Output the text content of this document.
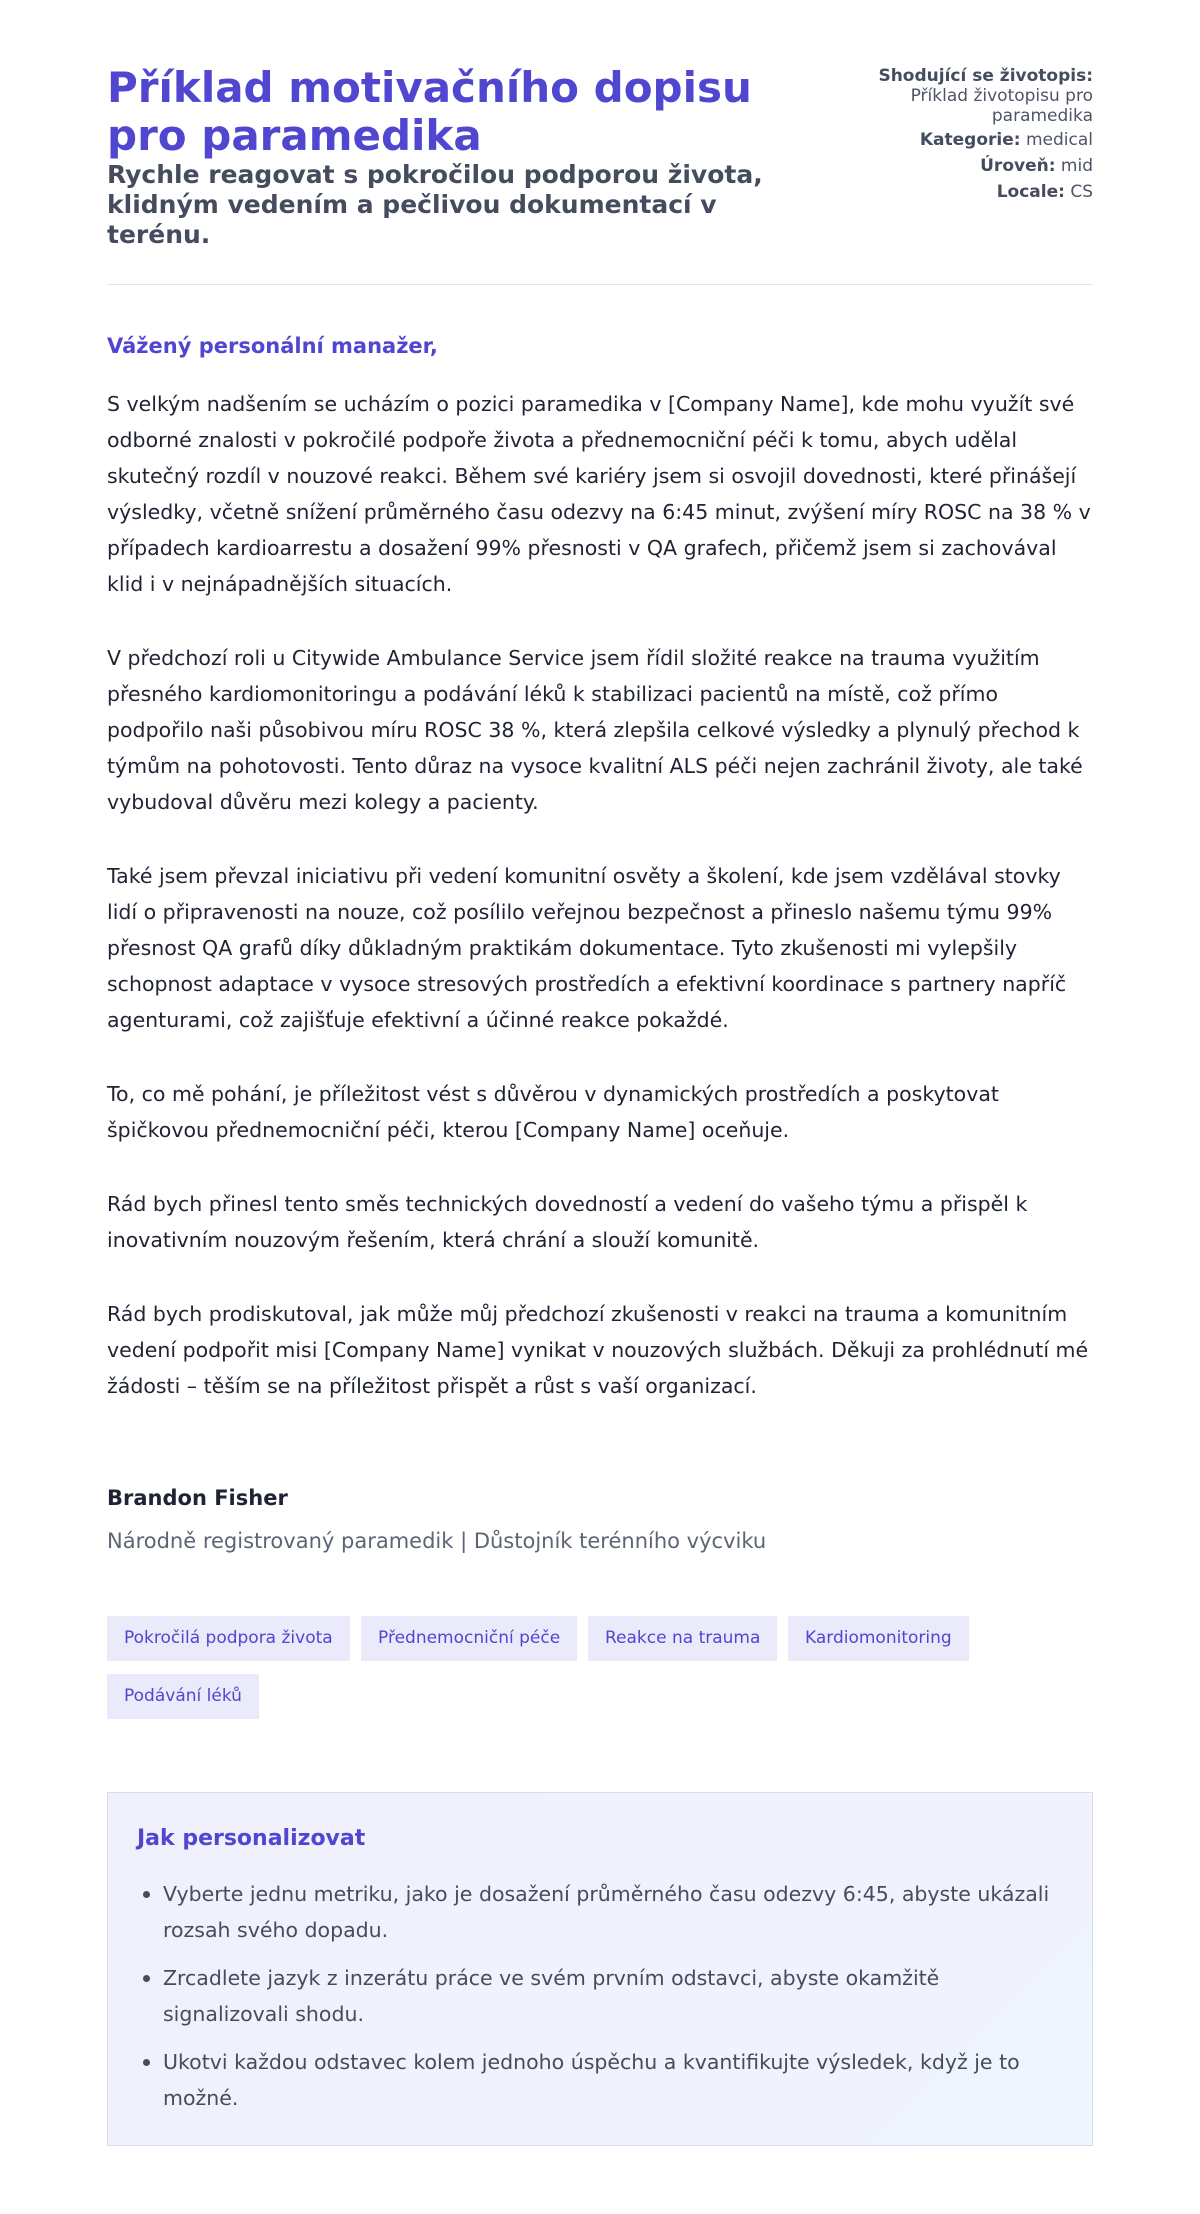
Příklad motivačního dopisu pro paramedika
Rychle reagovat s pokročilou podporou života, klidným vedením a pečlivou dokumentací v terénu.
Shodující se životopis:
Příklad životopisu pro paramedika
Kategorie: medical
Úroveň: mid
Locale: CS

Vážený personální manažer,

S velkým nadšením se ucházím o pozici paramedika v [Company Name], kde mohu využít své odborné znalosti v pokročilé podpoře života a přednemocniční péči k tomu, abych udělal skutečný rozdíl v nouzové reakci. Během své kariéry jsem si osvojil dovednosti, které přinášejí výsledky, včetně snížení průměrného času odezvy na 6:45 minut, zvýšení míry ROSC na 38 % v případech kardioarrestu a dosažení 99% přesnosti v QA grafech, přičemž jsem si zachovával klid i v nejnápadnějších situacích.

V předchozí roli u Citywide Ambulance Service jsem řídil složité reakce na trauma využitím přesného kardiomonitoringu a podávání léků k stabilizaci pacientů na místě, což přímo podpořilo naši působivou míru ROSC 38 %, která zlepšila celkové výsledky a plynulý přechod k týmům na pohotovosti. Tento důraz na vysoce kvalitní ALS péči nejen zachránil životy, ale také vybudoval důvěru mezi kolegy a pacienty.

Také jsem převzal iniciativu při vedení komunitní osvěty a školení, kde jsem vzdělával stovky lidí o připravenosti na nouze, což posílilo veřejnou bezpečnost a přineslo našemu týmu 99% přesnost QA grafů díky důkladným praktikám dokumentace. Tyto zkušenosti mi vylepšily schopnost adaptace v vysoce stresových prostředích a efektivní koordinace s partnery napříč agenturami, což zajišťuje efektivní a účinné reakce pokaždé.

To, co mě pohání, je příležitost vést s důvěrou v dynamických prostředích a poskytovat špičkovou přednemocniční péči, kterou [Company Name] oceňuje.

Rád bych přinesl tento směs technických dovedností a vedení do vašeho týmu a přispěl k inovativním nouzovým řešením, která chrání a slouží komunitě.

Rád bych prodiskutoval, jak může můj předchozí zkušenosti v reakci na trauma a komunitním vedení podpořit misi [Company Name] vynikat v nouzových službách. Děkuji za prohlédnutí mé žádosti – těším se na příležitost přispět a růst s vaší organizací.

Brandon Fisher

Národně registrovaný paramedik | Důstojník terénního výcviku

Pokročilá podpora života	Přednemocniční péče	Reakce na trauma	Kardiomonitoring
Podávání léků
Jak personalizovat
Vyberte jednu metriku, jako je dosažení průměrného času odezvy 6:45, abyste ukázali rozsah svého dopadu.
Zrcadlete jazyk z inzerátu práce ve svém prvním odstavci, abyste okamžitě signalizovali shodu.
Ukotvi každou odstavec kolem jednoho úspěchu a kvantifikujte výsledek, když je to možné.
